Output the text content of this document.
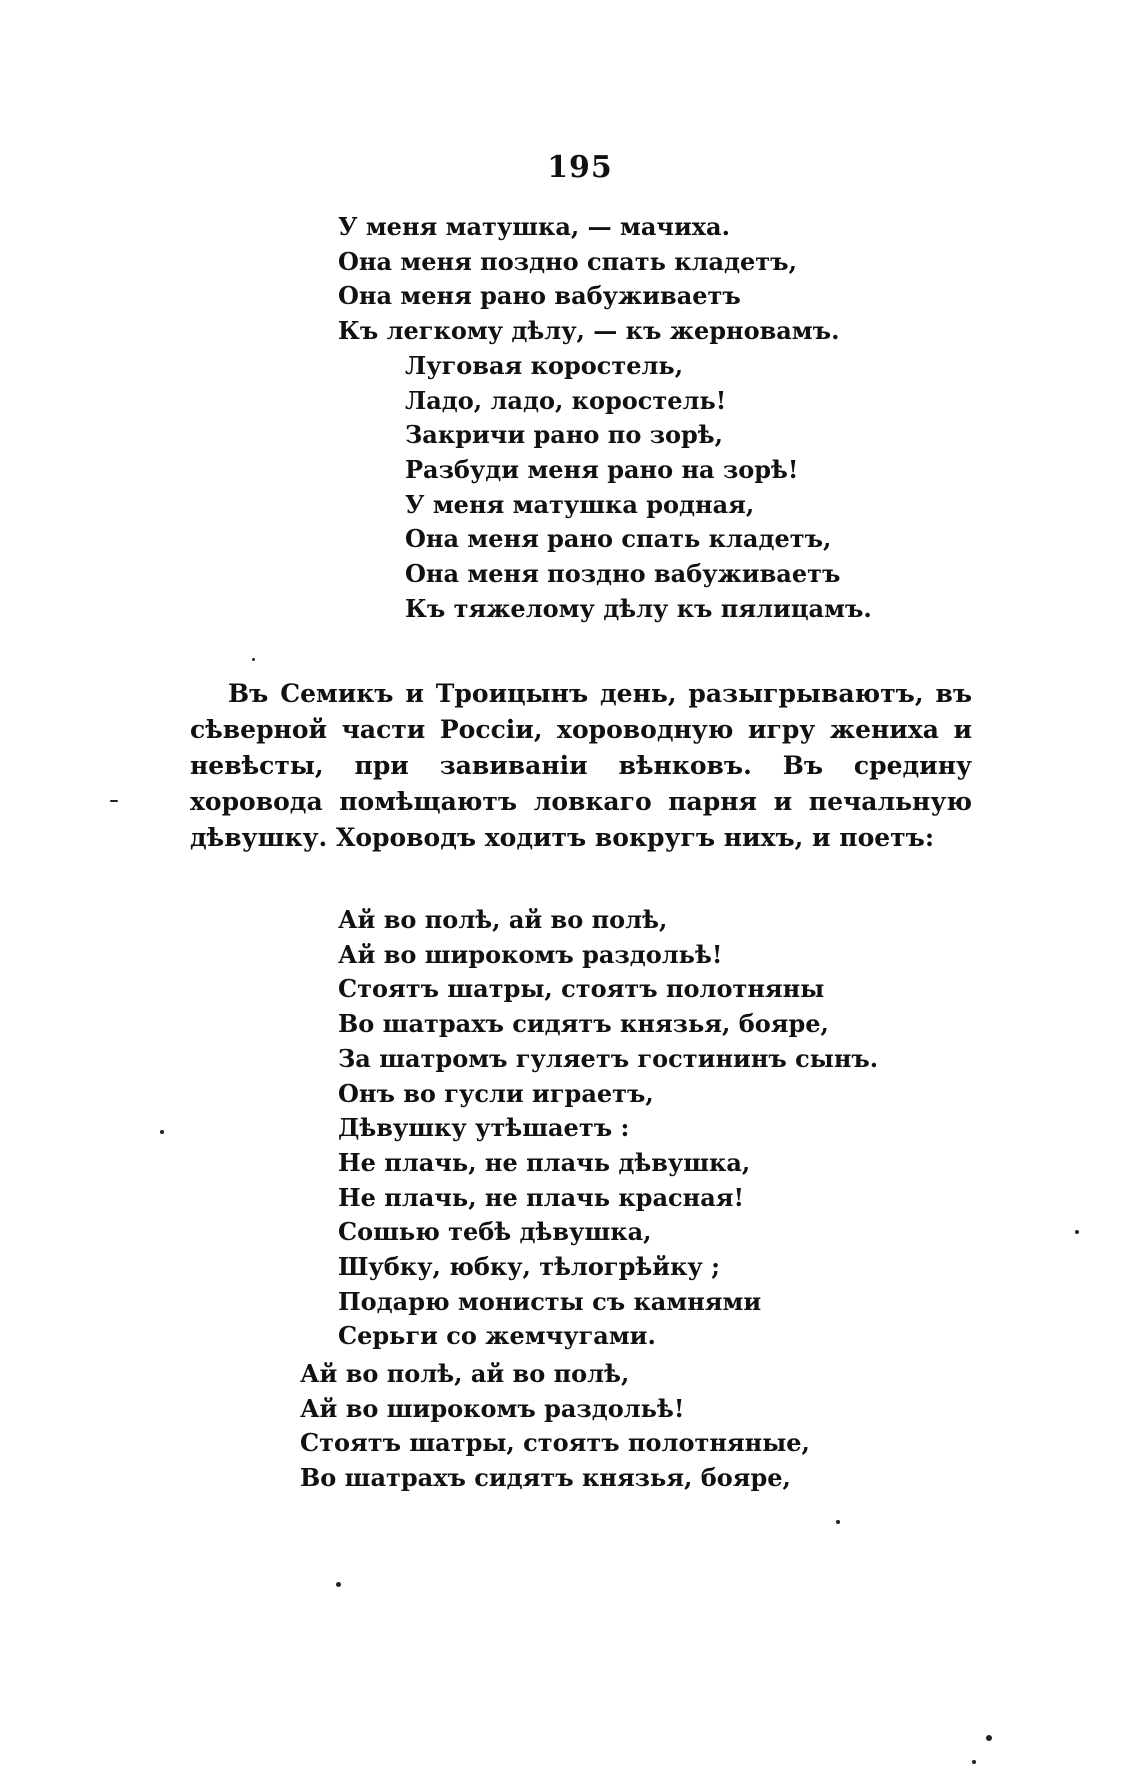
195
У меня матушка, — мачиха.
Она меня поздно спать кладетъ,
Она меня рано вабуживаетъ
Къ легкому дѣлу, — къ жерновамъ.
Луговая коростель,
Ладо, ладо, коростель!
Закричи рано по зорѣ,
Разбуди меня рано на зорѣ!
У меня матушка родная,
Она меня рано спать кладетъ,
Она меня поздно вабуживаетъ
Къ тяжелому дѣлу къ пялицамъ.

Въ Семикъ и Троицынъ день, разыгрываютъ, въ сѣверной части Россіи, хороводную игру жениха и невѣсты, при завиваніи вѣнковъ. Въ средину хоровода помѣщаютъ ловкаго парня и печальную дѣвушку. Хороводъ ходитъ вокругъ нихъ, и поетъ:

Ай во полѣ, ай во полѣ,
Ай во широкомъ раздольѣ!
Стоятъ шатры, стоятъ полотняны
Во шатрахъ сидятъ князья, бояре,
За шатромъ гуляетъ гостининъ сынъ.
Онъ во гусли играетъ,
Дѣвушку утѣшаетъ :
Не плачь, не плачь дѣвушка,
Не плачь, не плачь красная!
Сошью тебѣ дѣвушка,
Шубку, юбку, тѣлогрѣйку ;
Подарю монисты съ камнями
Серьги со жемчугами.
Ай во полѣ, ай во полѣ,
Ай во широкомъ раздольѣ!
Стоятъ шатры, стоятъ полотняные,
Во шатрахъ сидятъ князья, бояре,
